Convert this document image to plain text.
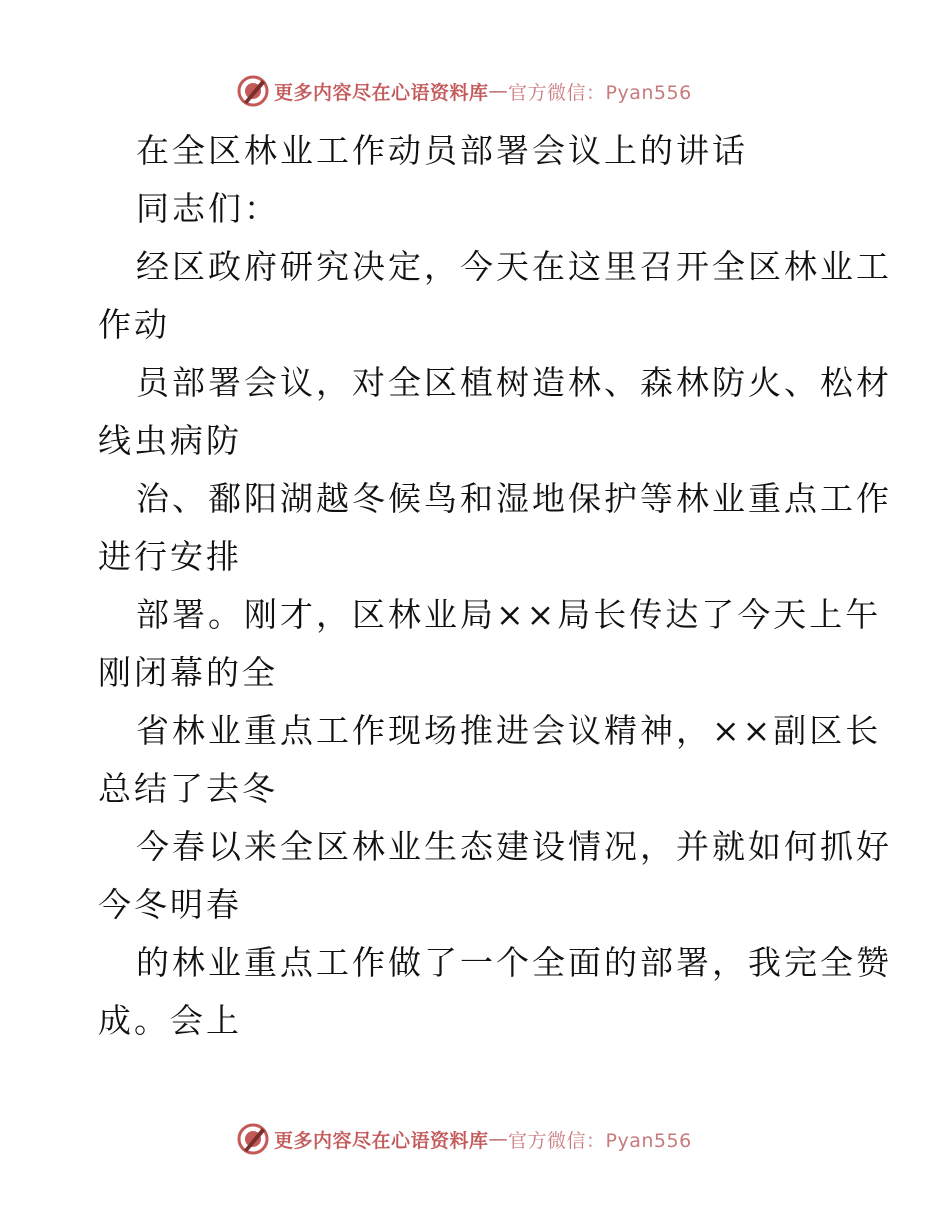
更多内容尽在心语资料库 — 官方微信：Pyan556
在全区林业工作动员部署会议上的讲话
同志们：
经区政府研究决定，今天在这里召开全区林业工
作动
员部署会议，对全区植树造林、森林防火、松材
线虫病防
治、鄱阳湖越冬候鸟和湿地保护等林业重点工作
进行安排
部署。刚才，区林业局××局长传达了今天上午
刚闭幕的全
省林业重点工作现场推进会议精神，××副区长
总结了去冬
今春以来全区林业生态建设情况，并就如何抓好
今冬明春
的林业重点工作做了一个全面的部署，我完全赞
成。会上
更多内容尽在心语资料库 — 官方微信：Pyan556
